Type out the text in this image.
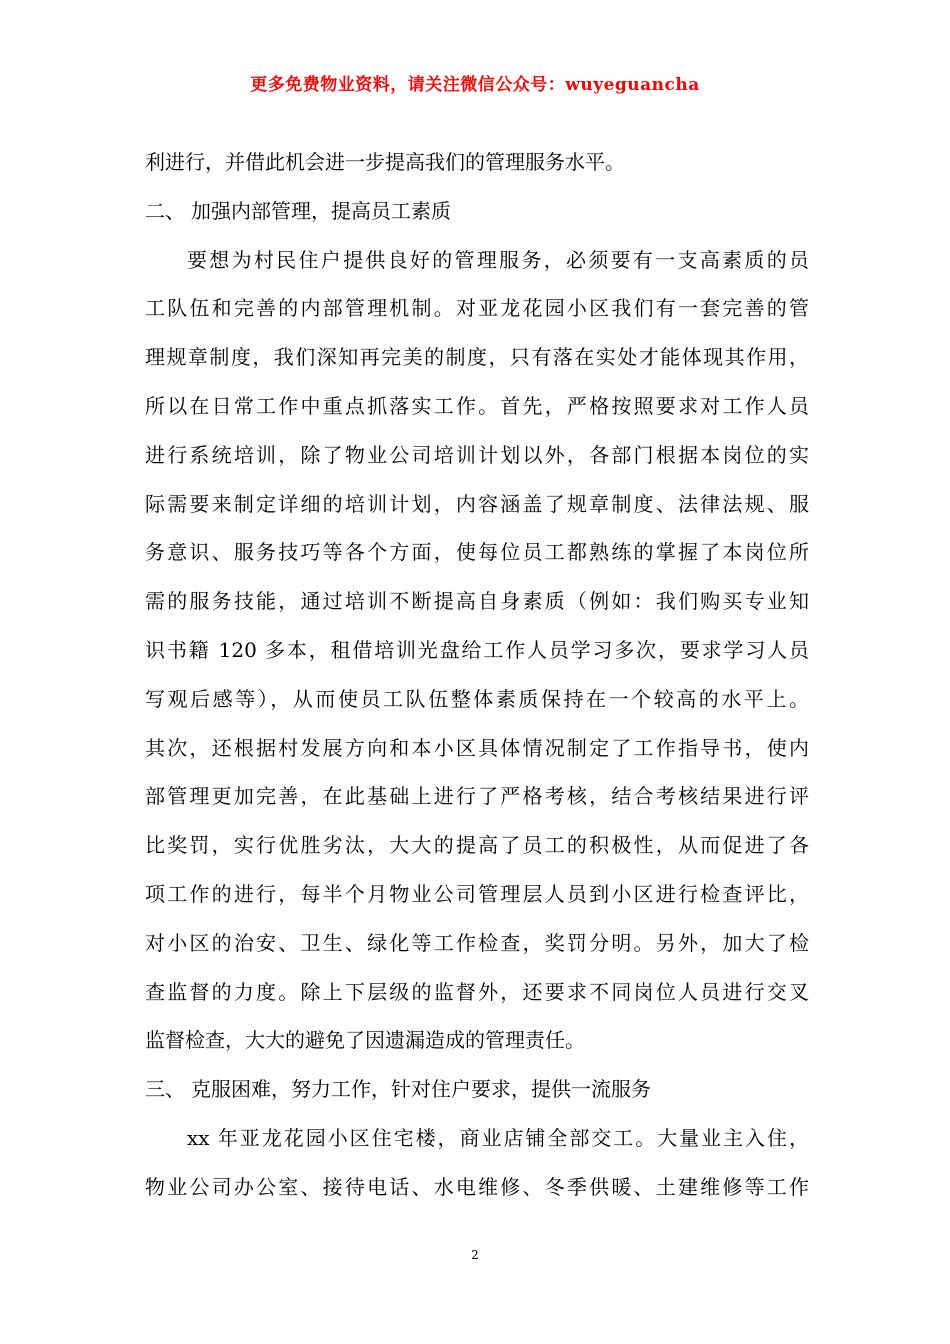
更多免费物业资料，请关注微信公众号：wuyeguancha
利进行，并借此机会进一步提高我们的管理服务水平。
二、 加强内部管理，提高员工素质
要想为村民住户提供良好的管理服务，必须要有一支高素质的员
工队伍和完善的内部管理机制。对亚龙花园小区我们有一套完善的管
理规章制度，我们深知再完美的制度，只有落在实处才能体现其作用，
所以在日常工作中重点抓落实工作。首先，严格按照要求对工作人员
进行系统培训，除了物业公司培训计划以外，各部门根据本岗位的实
际需要来制定详细的培训计划，内容涵盖了规章制度、法律法规、服
务意识、服务技巧等各个方面，使每位员工都熟练的掌握了本岗位所
需的服务技能，通过培训不断提高自身素质（例如：我们购买专业知
识书籍 120 多本，租借培训光盘给工作人员学习多次，要求学习人员
写观后感等），从而使员工队伍整体素质保持在一个较高的水平上。
其次，还根据村发展方向和本小区具体情况制定了工作指导书，使内
部管理更加完善，在此基础上进行了严格考核，结合考核结果进行评
比奖罚，实行优胜劣汰，大大的提高了员工的积极性，从而促进了各
项工作的进行，每半个月物业公司管理层人员到小区进行检查评比，
对小区的治安、卫生、绿化等工作检查，奖罚分明。另外，加大了检
查监督的力度。除上下层级的监督外，还要求不同岗位人员进行交叉
监督检查，大大的避免了因遗漏造成的管理责任。
三、 克服困难，努力工作，针对住户要求，提供一流服务
xx 年亚龙花园小区住宅楼，商业店铺全部交工。大量业主入住，
物业公司办公室、接待电话、水电维修、冬季供暖、土建维修等工作
2
